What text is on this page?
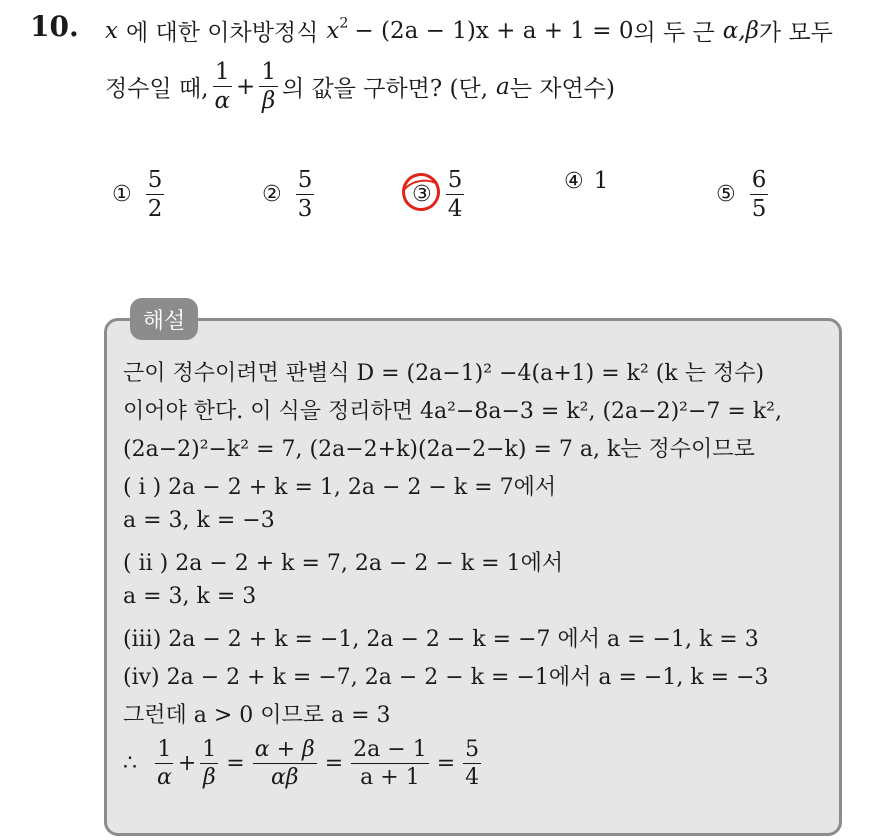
10. x 에 대한 이차방정식 $x^2 - (2a - 1)x + a + 1 = 0$ 의 두 근 α,β 가 모두
정수일 때, $\frac{1}{\alpha} + \frac{1}{\beta}$ 의 값을 구하면? (단, a 는 자연수)
① $\frac{5}{2}$	② $\frac{5}{3}$	③ $\frac{5}{4}$	④ 1
⑤ $\frac{6}{5}$
해설
근이 정수이려면 판별식 D = (2a−1)² −4(a+1) = k² (k 는 정수)
이어야 한다. 이 식을 정리하면 4a²−8a−3 = k², (2a−2)²−7 = k²,
(2a−2)²−k² = 7, (2a−2+k)(2a−2−k) = 7 a, k는 정수이므로
( i ) 2a − 2 + k = 1, 2a − 2 − k = 7에서
a = 3, k = −3
( ii ) 2a − 2 + k = 7, 2a − 2 − k = 1에서
a = 3, k = 3
(iii) 2a − 2 + k = −1, 2a − 2 − k = −7 에서 a = −1, k = 3
(iv) 2a − 2 + k = −7, 2a − 2 − k = −1에서 a = −1, k = −3
그런데 a > 0 이므로 a = 3
∴ $\frac{1}{\alpha} + \frac{1}{\beta} = \frac{\alpha + \beta}{\alpha\beta} = \frac{2a - 1}{a + 1} = \frac{5}{4}$
